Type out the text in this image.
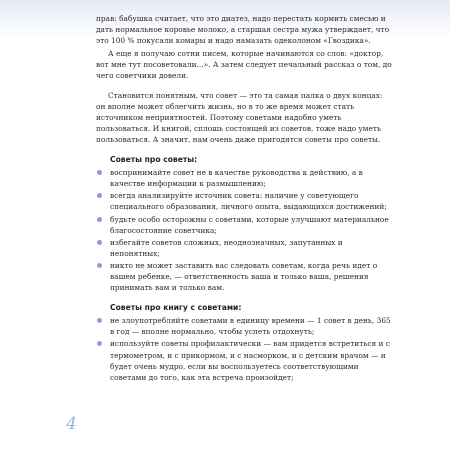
прав: бабушка считает, что это диатез, надо перестать кормить смесью и дать нормальное коровье молоко, а старшая сестра мужа утверждает, что это 100 % покусали комары и надо намазать одеколоном «Гвоздика».

А еще я получаю сотни писем, которые начинаются со слов: «доктор, вот мне тут посоветовали...». А затем следует печальный рассказ о том, до чего советчики довели.

Становится понятным, что совет — это та самая палка о двух концах: он вполне может облегчить жизнь, но в то же время может стать источником неприятностей. Поэтому советами надобно уметь пользоваться. И книгой, сплошь состоящей из советов, тоже надо уметь пользоваться. А значит, нам очень даже пригодятся советы про советы.

Советы про советы:
воспринимайте совет не в качестве руководства к действию, а в качестве информации к размышлению;
всегда анализируйте источник совета: наличие у советующего специального образования, личного опыта, выдающихся достижений;
будьте особо осторожны с советами, которые улучшают материальное благосостояние советчика;
избегайте советов сложных, неоднозначных, запутанных и непонятных;
никто не может заставить вас следовать советам, когда речь идет о вашем ребенке, — ответственность ваша и только ваша, решения принимать вам и только вам.
Советы про книгу с советами:
не злоупотребляйте советами в единицу времени — 1 совет в день, 365 в год — вполне нормально, чтобы успеть отдохнуть;
используйте советы профилактически — вам придется встретиться и с термометром, и с прикормом, и с насморком, и с детским врачом — и будет очень мудро, если вы воспользуетесь соответствующими советами до того, как эта встреча произойдет;
4
